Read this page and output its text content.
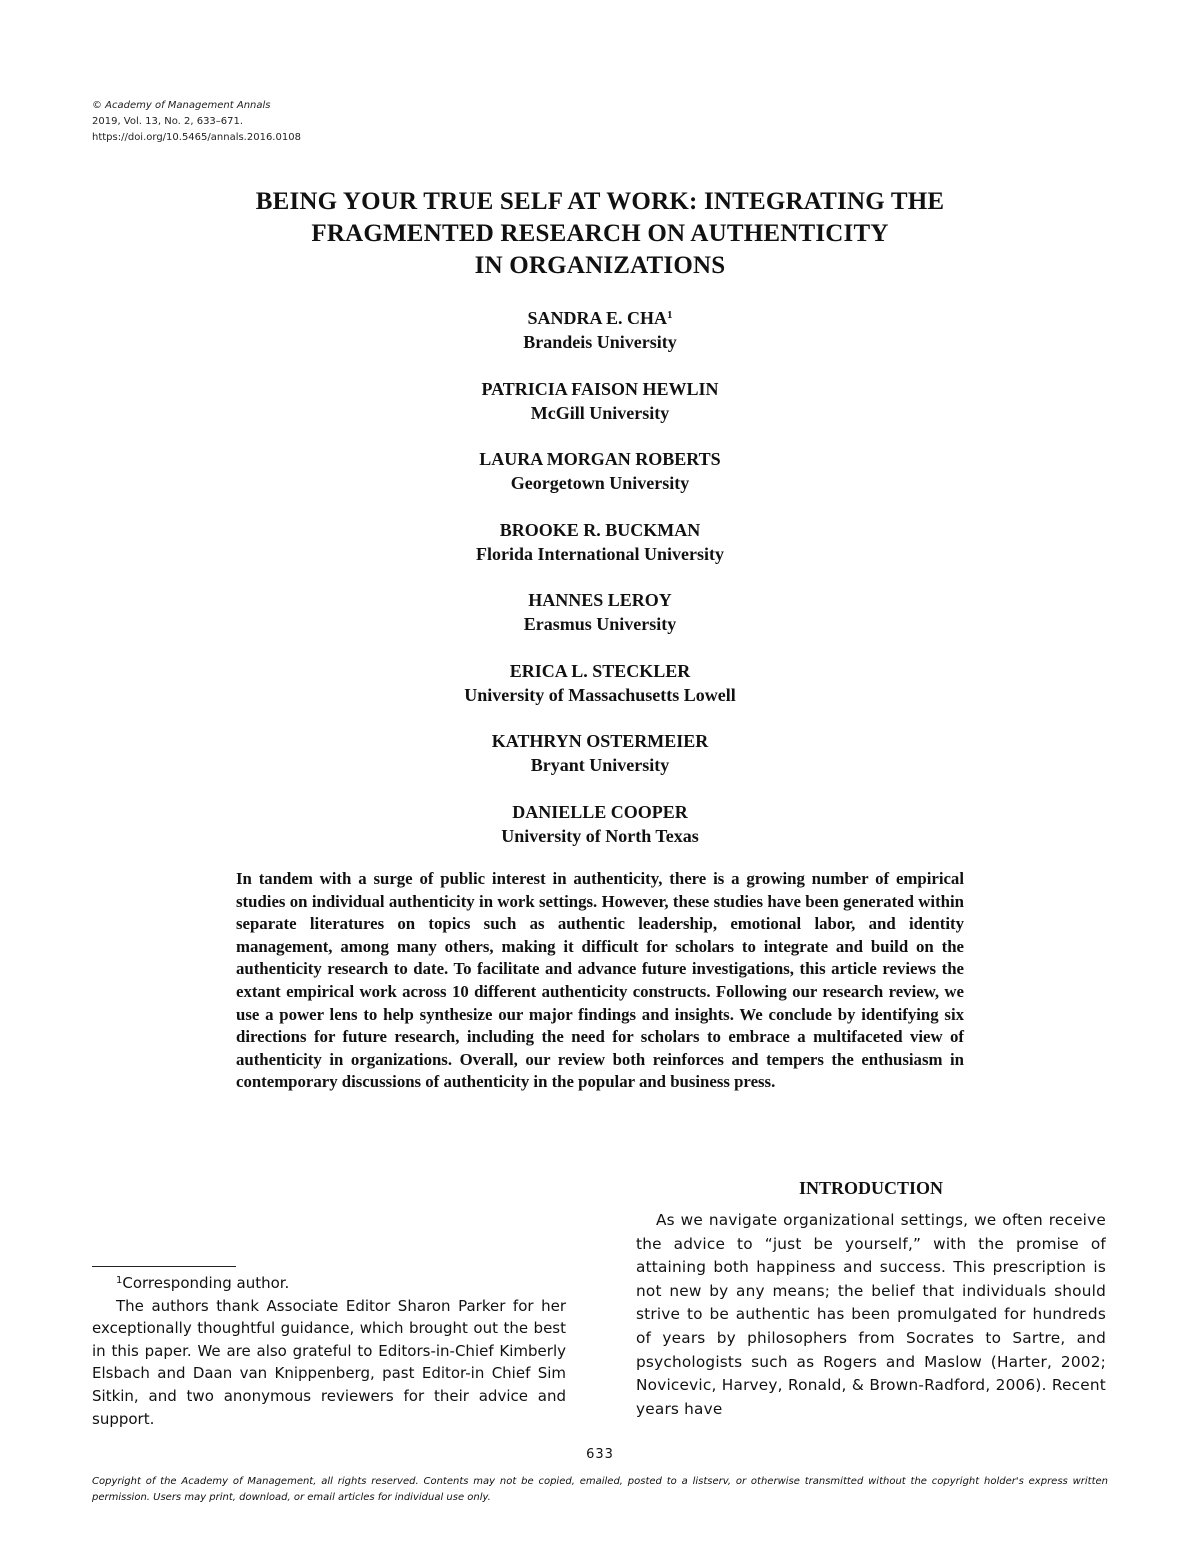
© Academy of Management Annals
2019, Vol. 13, No. 2, 633–671.
https://doi.org/10.5465/annals.2016.0108
BEING YOUR TRUE SELF AT WORK: INTEGRATING THE
FRAGMENTED RESEARCH ON AUTHENTICITY
IN ORGANIZATIONS
SANDRA E. CHA$^1$
Brandeis University
PATRICIA FAISON HEWLIN
McGill University
LAURA MORGAN ROBERTS
Georgetown University
BROOKE R. BUCKMAN
Florida International University
HANNES LEROY
Erasmus University
ERICA L. STECKLER
University of Massachusetts Lowell
KATHRYN OSTERMEIER
Bryant University
DANIELLE COOPER
University of North Texas
In tandem with a surge of public interest in authenticity, there is a growing number of empirical studies on individual authenticity in work settings. However, these studies have been generated within separate literatures on topics such as authentic leadership, emotional labor, and identity management, among many others, making it difficult for scholars to integrate and build on the authenticity research to date. To facilitate and advance future investigations, this article reviews the extant empirical work across 10 different authenticity constructs. Following our research review, we use a power lens to help synthesize our major findings and insights. We conclude by identifying six directions for future research, including the need for scholars to embrace a multifaceted view of authenticity in organizations. Overall, our review both reinforces and tempers the enthusiasm in contemporary discussions of authenticity in the popular and business press.
INTRODUCTION
As we navigate organizational settings, we often receive the advice to “just be yourself,” with the promise of attaining both happiness and success. This prescription is not new by any means; the belief that individuals should strive to be authentic has been promulgated for hundreds of years by philosophers from Socrates to Sartre, and psychologists such as Rogers and Maslow (Harter, 2002; Novicevic, Harvey, Ronald, & Brown-Radford, 2006). Recent years have

$^1$Corresponding author.

The authors thank Associate Editor Sharon Parker for her exceptionally thoughtful guidance, which brought out the best in this paper. We are also grateful to Editors-in-Chief Kimberly Elsbach and Daan van Knippenberg, past Editor-in Chief Sim Sitkin, and two anonymous reviewers for their advice and support.

633
Copyright of the Academy of Management, all rights reserved. Contents may not be copied, emailed, posted to a listserv, or otherwise transmitted without the copyright holder's express written permission. Users may print, download, or email articles for individual use only.
